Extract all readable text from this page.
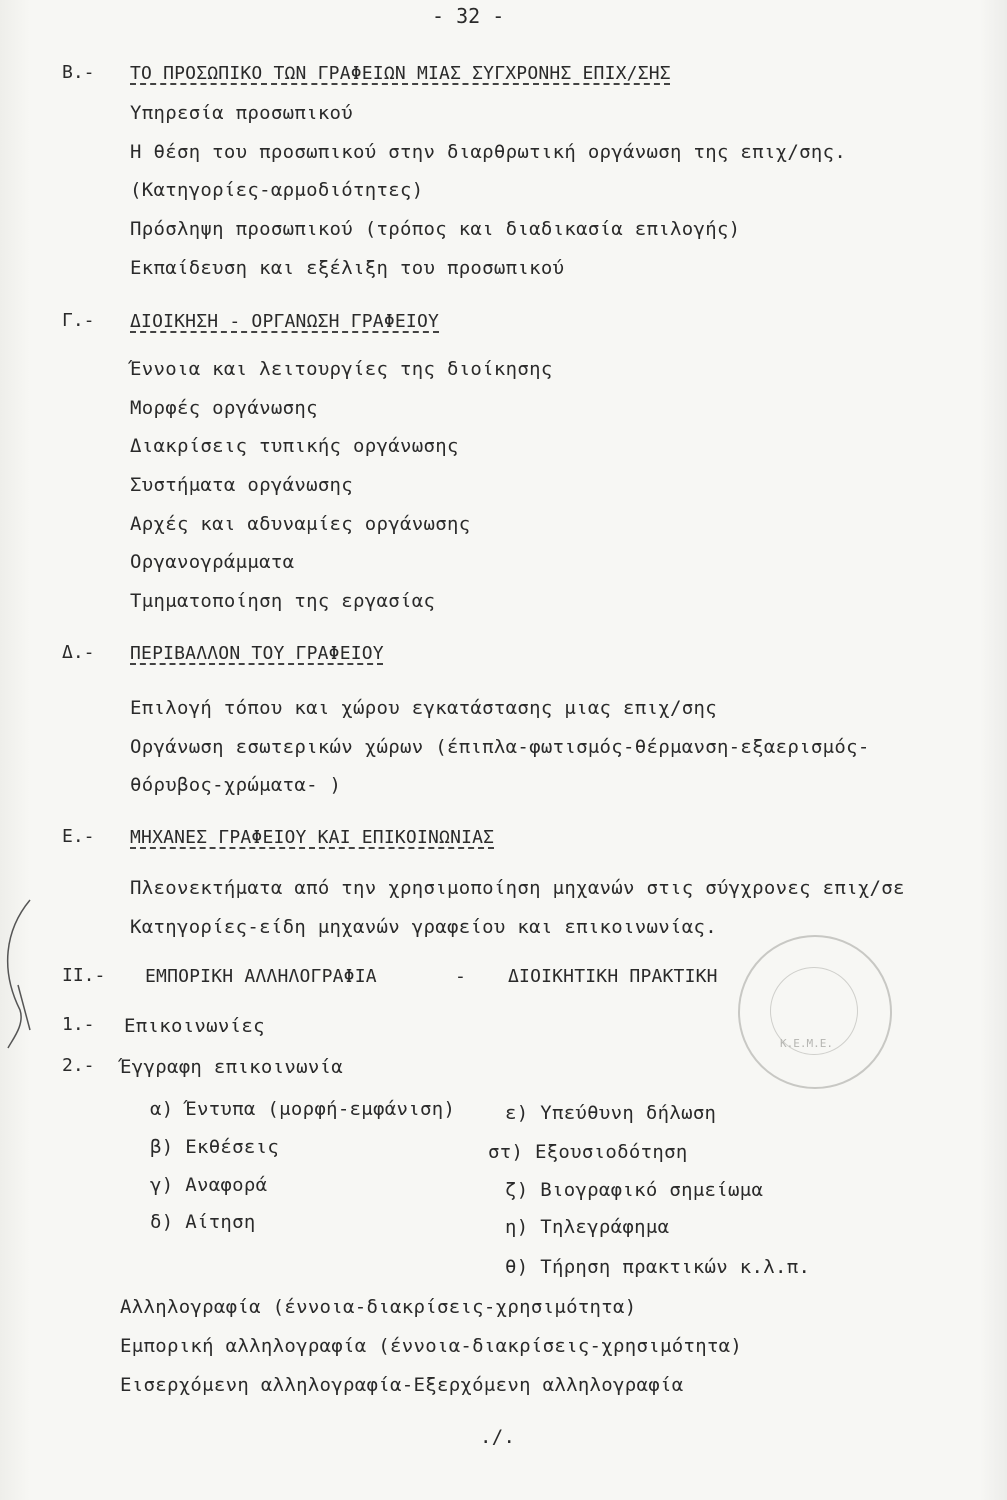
- 32 -
Β.- ΤΟ ΠΡΟΣΩΠΙΚΟ ΤΩΝ ΓΡΑΦΕΙΩΝ ΜΙΑΣ ΣΥΓΧΡΟΝΗΣ ΕΠΙΧ/ΣΗΣ
Υπηρεσία προσωπικού
Η θέση του προσωπικού στην διαρθρωτική οργάνωση της επιχ/σης.
(Κατηγορίες-αρμοδιότητες)
Πρόσληψη προσωπικού (τρόπος και διαδικασία επιλογής)
Εκπαίδευση και εξέλιξη του προσωπικού
Γ.- ΔΙΟΙΚΗΣΗ - ΟΡΓΑΝΩΣΗ ΓΡΑΦΕΙΟΥ
Έννοια και λειτουργίες της διοίκησης
Μορφές οργάνωσης
Διακρίσεις τυπικής οργάνωσης
Συστήματα οργάνωσης
Αρχές και αδυναμίες οργάνωσης
Οργανογράμματα
Τμηματοποίηση της εργασίας
Δ.- ΠΕΡΙΒΑΛΛΟΝ ΤΟΥ ΓΡΑΦΕΙΟΥ
Επιλογή τόπου και χώρου εγκατάστασης μιας επιχ/σης
Οργάνωση εσωτερικών χώρων (έπιπλα-φωτισμός-θέρμανση-εξαερισμός-
θόρυβος-χρώματα- )
Ε.- ΜΗΧΑΝΕΣ ΓΡΑΦΕΙΟΥ ΚΑΙ ΕΠΙΚΟΙΝΩΝΙΑΣ
Πλεονεκτήματα από την χρησιμοποίηση μηχανών στις σύγχρονες επιχ/σε
Κατηγορίες-είδη μηχανών γραφείου και επικοινωνίας.
ΙΙ.- ΕΜΠΟΡΙΚΗ ΑΛΛΗΛΟΓΡΑΦΙΑ	- ΔΙΟΙΚΗΤΙΚΗ ΠΡΑΚΤΙΚΗ
1.- Επικοινωνίες
2.- Έγγραφη επικοινωνία
α) Έντυπα (μορφή-εμφάνιση)
β) Εκθέσεις
γ) Αναφορά
δ) Αίτηση
ε) Υπεύθυνη δήλωση
στ) Εξουσιοδότηση
ζ) Βιογραφικό σημείωμα
η) Τηλεγράφημα
θ) Τήρηση πρακτικών κ.λ.π.
Αλληλογραφία (έννοια-διακρίσεις-χρησιμότητα)
Εμπορική αλληλογραφία (έννοια-διακρίσεις-χρησιμότητα)
Εισερχόμενη αλληλογραφία-Εξερχόμενη αλληλογραφία
./.
Κ.Ε.Μ.Ε.
